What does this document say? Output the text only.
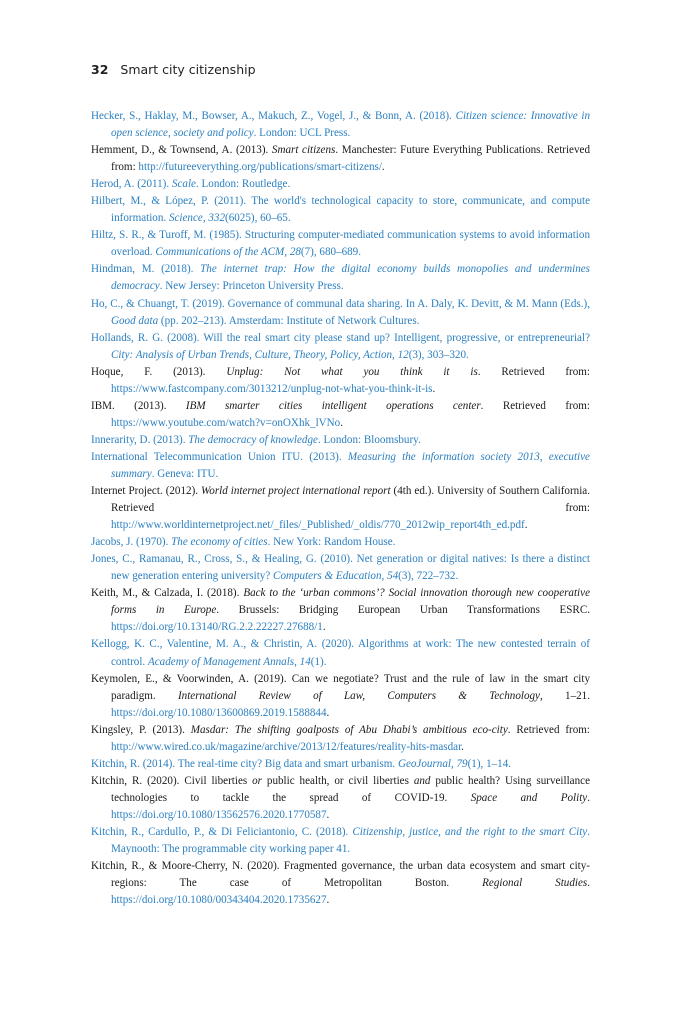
32 Smart city citizenship

Hecker, S., Haklay, M., Bowser, A., Makuch, Z., Vogel, J., & Bonn, A. (2018). Citizen science: Innovative in open science, society and policy. London: UCL Press.

Hemment, D., & Townsend, A. (2013). Smart citizens. Manchester: Future Everything Publications. Retrieved from: http://futureeverything.org/publications/smart-citizens/.

Herod, A. (2011). Scale. London: Routledge.

Hilbert, M., & López, P. (2011). The world's technological capacity to store, communicate, and compute information. Science, 332(6025), 60–65.

Hiltz, S. R., & Turoff, M. (1985). Structuring computer-mediated communication systems to avoid information overload. Communications of the ACM, 28(7), 680–689.

Hindman, M. (2018). The internet trap: How the digital economy builds monopolies and undermines democracy. New Jersey: Princeton University Press.

Ho, C., & Chuangt, T. (2019). Governance of communal data sharing. In A. Daly, K. Devitt, & M. Mann (Eds.), Good data (pp. 202–213). Amsterdam: Institute of Network Cultures.

Hollands, R. G. (2008). Will the real smart city please stand up? Intelligent, progressive, or entrepreneurial? City: Analysis of Urban Trends, Culture, Theory, Policy, Action, 12(3), 303–320.

Hoque, F. (2013). Unplug: Not what you think it is. Retrieved from: https://www.fastcompany.com/3013212/unplug-not-what-you-think-it-is.

IBM. (2013). IBM smarter cities intelligent operations center. Retrieved from: https://www.youtube.com/watch?v=onOXhk_lVNo.

Innerarity, D. (2013). The democracy of knowledge. London: Bloomsbury.

International Telecommunication Union ITU. (2013). Measuring the information society 2013, executive summary. Geneva: ITU.

Internet Project. (2012). World internet project international report (4th ed.). University of Southern California. Retrieved from: http://www.worldinternetproject.net/_files/_Published/_oldis/770_2012wip_report4th_ed.pdf.

Jacobs, J. (1970). The economy of cities. New York: Random House.

Jones, C., Ramanau, R., Cross, S., & Healing, G. (2010). Net generation or digital natives: Is there a distinct new generation entering university? Computers & Education, 54(3), 722–732.

Keith, M., & Calzada, I. (2018). Back to the ‘urban commons’? Social innovation thorough new cooperative forms in Europe. Brussels: Bridging European Urban Transformations ESRC. https://doi.org/10.13140/RG.2.2.22227.27688/1.

Kellogg, K. C., Valentine, M. A., & Christin, A. (2020). Algorithms at work: The new contested terrain of control. Academy of Management Annals, 14(1).

Keymolen, E., & Voorwinden, A. (2019). Can we negotiate? Trust and the rule of law in the smart city paradigm. International Review of Law, Computers & Technology, 1–21. https://doi.org/10.1080/13600869.2019.1588844.

Kingsley, P. (2013). Masdar: The shifting goalposts of Abu Dhabi’s ambitious eco-city. Retrieved from: http://www.wired.co.uk/magazine/archive/2013/12/features/reality-hits-masdar.

Kitchin, R. (2014). The real-time city? Big data and smart urbanism. GeoJournal, 79(1), 1–14.

Kitchin, R. (2020). Civil liberties or public health, or civil liberties and public health? Using surveillance technologies to tackle the spread of COVID-19. Space and Polity. https://doi.org/10.1080/13562576.2020.1770587.

Kitchin, R., Cardullo, P., & Di Feliciantonio, C. (2018). Citizenship, justice, and the right to the smart City. Maynooth: The programmable city working paper 41.

Kitchin, R., & Moore-Cherry, N. (2020). Fragmented governance, the urban data ecosystem and smart city-regions: The case of Metropolitan Boston. Regional Studies. https://doi.org/10.1080/00343404.2020.1735627.
